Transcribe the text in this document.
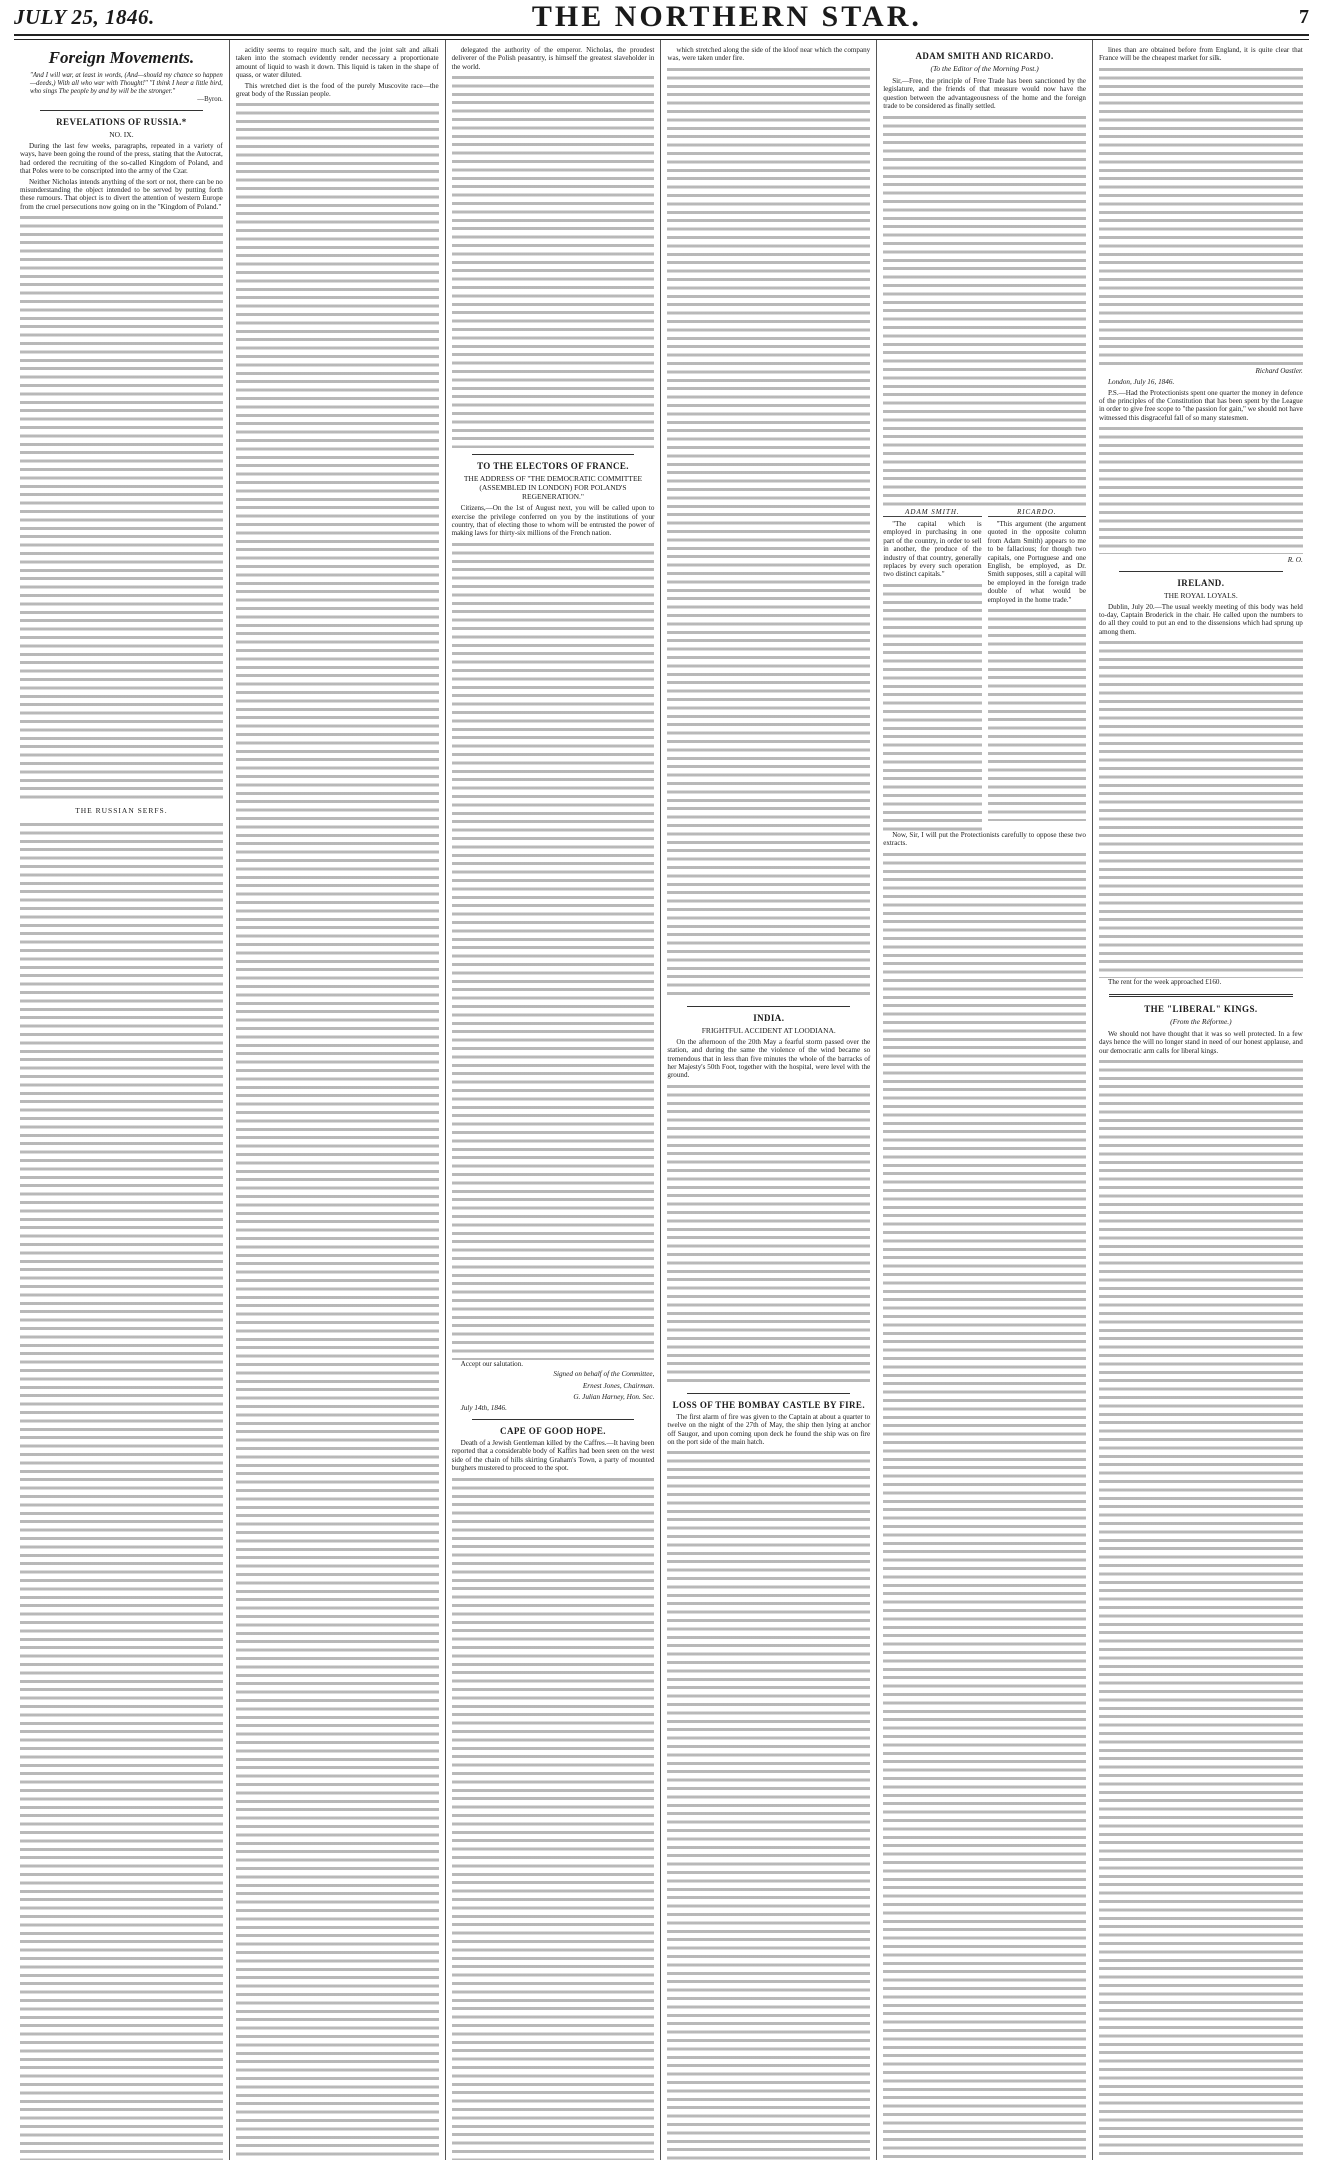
JULY 25, 1846.	THE NORTHERN STAR.	7
Foreign Movements.
"And I will war, at least in words, (And—should my chance so happen—deeds,) With all who war with Thought!" "I think I hear a little bird, who sings The people by and by will be the stronger."
—Byron.
REVELATIONS OF RUSSIA.*
NO. IX.

During the last few weeks, paragraphs, repeated in a variety of ways, have been going the round of the press, stating that the Autocrat, had ordered the recruiting of the so-called Kingdom of Poland, and that Poles were to be conscripted into the army of the Czar.

Neither Nicholas intends anything of the sort or not, there can be no misunderstanding the object intended to be served by putting forth these rumours. That object is to divert the attention of western Europe from the cruel persecutions now going on in the "Kingdom of Poland."

THE RUSSIAN SERFS.

acidity seems to require much salt, and the joint salt and alkali taken into the stomach evidently render necessary a proportionate amount of liquid to wash it down. This liquid is taken in the shape of quass, or water diluted.

This wretched diet is the food of the purely Muscovite race—the great body of the Russian people.

delegated the authority of the emperor. Nicholas, the proudest deliverer of the Polish peasantry, is himself the greatest slaveholder in the world.

TO THE ELECTORS OF FRANCE.
THE ADDRESS OF "THE DEMOCRATIC COMMITTEE (ASSEMBLED IN LONDON) FOR POLAND'S REGENERATION."

Citizens,—On the 1st of August next, you will be called upon to exercise the privilege conferred on you by the institutions of your country, that of electing those to whom will be entrusted the power of making laws for thirty-six millions of the French nation.

Accept our salutation.

Signed on behalf of the Committee,
Ernest Jones, Chairman.
G. Julian Harney, Hon. Sec.
July 14th, 1846.
CAPE OF GOOD HOPE.

Death of a Jewish Gentleman killed by the Caffres.—It having been reported that a considerable body of Kaffirs had been seen on the west side of the chain of hills skirting Graham's Town, a party of mounted burghers mustered to proceed to the spot.

which stretched along the side of the kloof near which the company was, were taken under fire.

INDIA.
FRIGHTFUL ACCIDENT AT LOODIANA.

On the afternoon of the 20th May a fearful storm passed over the station, and during the same the violence of the wind became so tremendous that in less than five minutes the whole of the barracks of her Majesty's 50th Foot, together with the hospital, were level with the ground.

LOSS OF THE BOMBAY CASTLE BY FIRE.

The first alarm of fire was given to the Captain at about a quarter to twelve on the night of the 27th of May, the ship then lying at anchor off Saugor, and upon coming upon deck he found the ship was on fire on the port side of the main hatch.

ADAM SMITH AND RICARDO.
(To the Editor of the Morning Post.)

Sir,—Free, the principle of Free Trade has been sanctioned by the legislature, and the friends of that measure would now have the question between the advantageousness of the home and the foreign trade to be considered as finally settled.

ADAM SMITH.

"The capital which is employed in purchasing in one part of the country, in order to sell in another, the produce of the industry of that country, generally replaces by every such operation two distinct capitals."

RICARDO.

"This argument (the argument quoted in the opposite column from Adam Smith) appears to me to be fallacious; for though two capitals, one Portuguese and one English, be employed, as Dr. Smith supposes, still a capital will be employed in the foreign trade double of what would be employed in the home trade."

Now, Sir, I will put the Protectionists carefully to oppose these two extracts.

lines than are obtained before from England, it is quite clear that France will be the cheapest market for silk.

Richard Oastler.
London, July 16, 1846.

P.S.—Had the Protectionists spent one quarter the money in defence of the principles of the Constitution that has been spent by the League in order to give free scope to "the passion for gain," we should not have witnessed this disgraceful fall of so many statesmen.

R. O.
IRELAND.
THE ROYAL LOYALS.

Dublin, July 20.—The usual weekly meeting of this body was held to-day, Captain Broderick in the chair. He called upon the numbers to do all they could to put an end to the dissensions which had sprung up among them.

The rent for the week approached £160.

THE "LIBERAL" KINGS.
(From the Réforme.)

We should not have thought that it was so well protected. In a few days hence the will no longer stand in need of our honest applause, and our democratic arm calls for liberal kings.
